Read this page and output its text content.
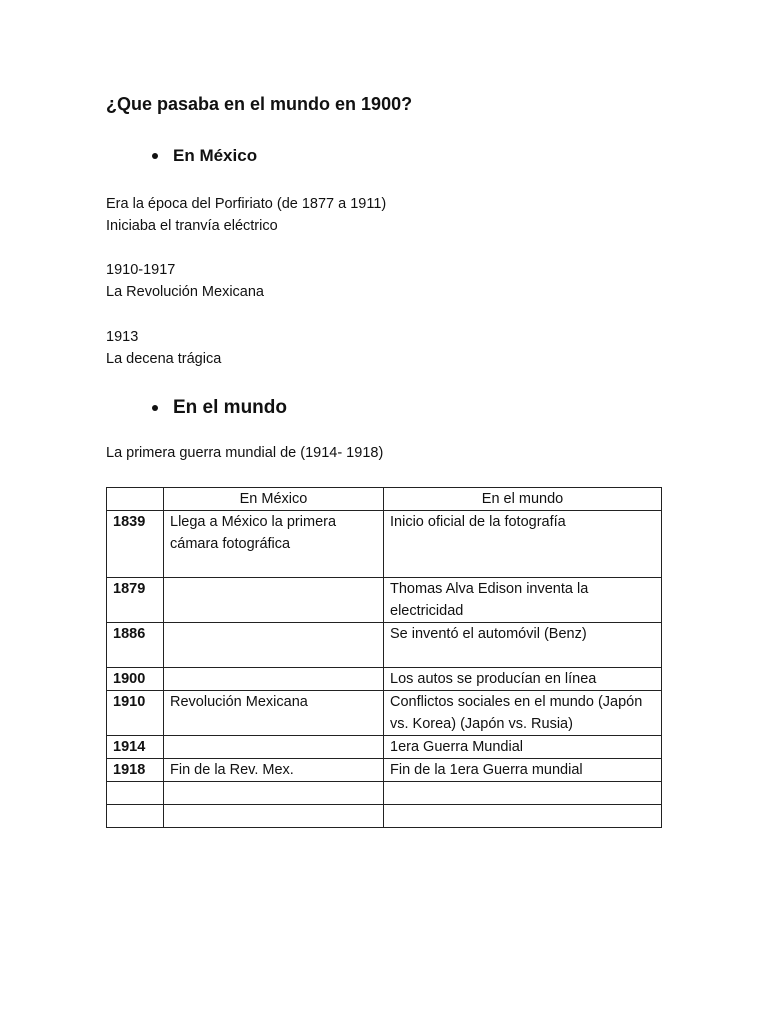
¿Que pasaba en el mundo en 1900?
En México

Era la época del Porfiriato (de 1877 a 1911)
Iniciaba el tranvía eléctrico

1910-1917
La Revolución Mexicana

1913
La decena trágica

En el mundo

La primera guerra mundial de (1914- 1918)

	En México	En el mundo
1839	Llega a México la primera cámara fotográfica	Inicio oficial de la fotografía
1879		Thomas Alva Edison inventa la electricidad
1886		Se inventó el automóvil (Benz)
1900		Los autos se producían en línea
1910	Revolución Mexicana	Conflictos sociales en el mundo (Japón vs. Korea) (Japón vs. Rusia)
1914		1era Guerra Mundial
1918	Fin de la Rev. Mex.	Fin de la 1era Guerra mundial
